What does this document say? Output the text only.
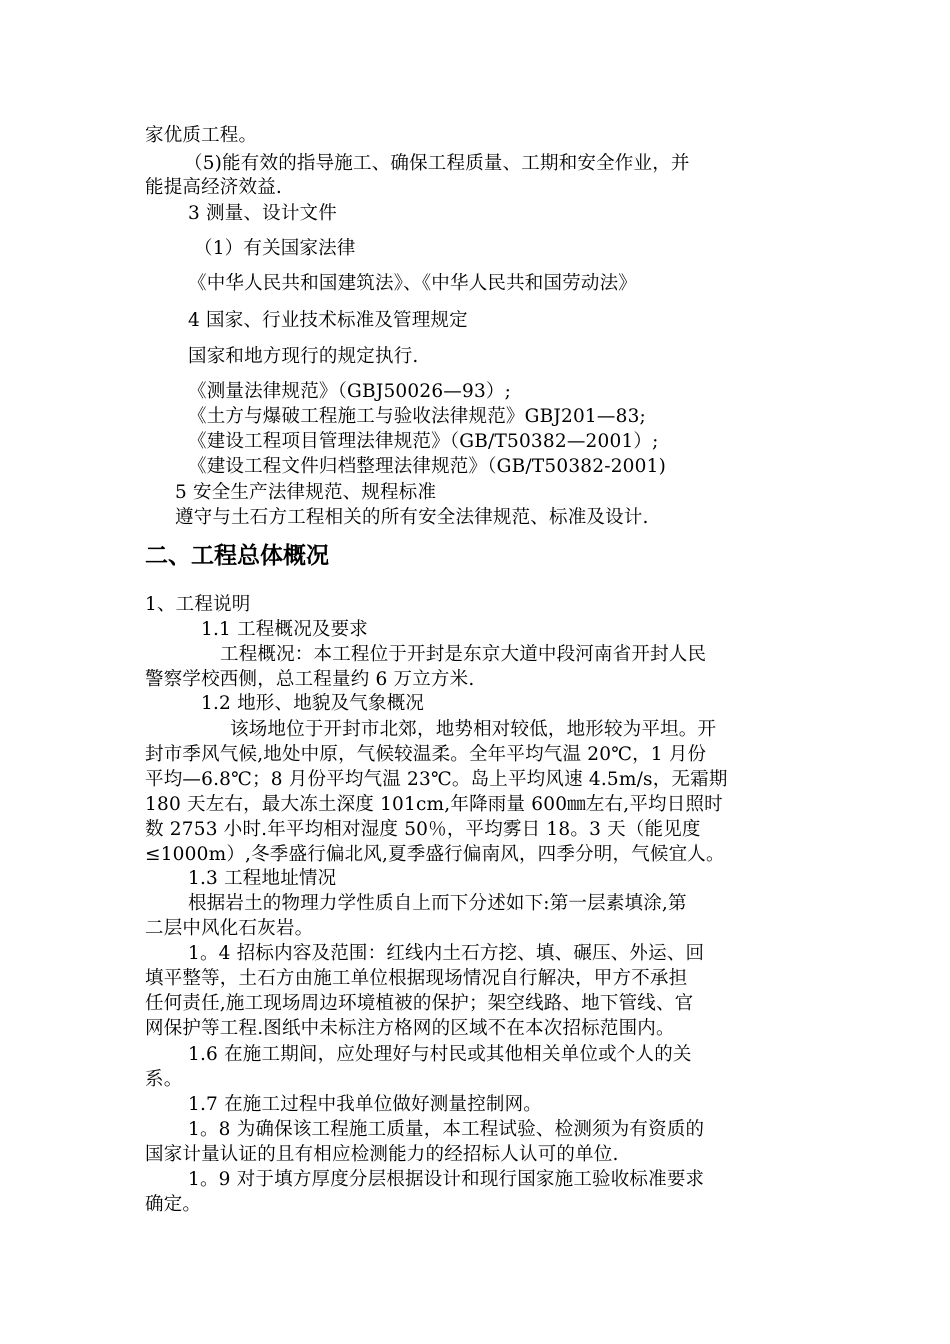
家优质工程。
（5)能有效的指导施工、确保工程质量、工期和安全作业，并
能提高经济效益.
3 测量、设计文件
（1）有关国家法律
《中华人民共和国建筑法》、《中华人民共和国劳动法》
4 国家、行业技术标准及管理规定
国家和地方现行的规定执行.
《测量法律规范》（GBJ50026—93）;
《土方与爆破工程施工与验收法律规范》GBJ201—83;
《建设工程项目管理法律规范》（GB/T50382—2001）;
《建设工程文件归档整理法律规范》（GB/T50382-2001)
5 安全生产法律规范、规程标准
遵守与土石方工程相关的所有安全法律规范、标准及设计.
二、工程总体概况
1、工程说明
1.1 工程概况及要求
工程概况：本工程位于开封是东京大道中段河南省开封人民
警察学校西侧，总工程量约 6 万立方米.
1.2 地形、地貌及气象概况
该场地位于开封市北郊，地势相对较低，地形较为平坦。开
封市季风气候,地处中原，气候较温柔。全年平均气温 20℃，1 月份
平均—6.8℃；8 月份平均气温 23℃。岛上平均风速 4.5m/s，无霜期
180 天左右，最大冻土深度 101cm,年降雨量 600㎜左右,平均日照时
数 2753 小时.年平均相对湿度 50％，平均雾日 18。3 天（能见度
≤1000m）,冬季盛行偏北风,夏季盛行偏南风，四季分明，气候宜人。
1.3 工程地址情况
根据岩土的物理力学性质自上而下分述如下:第一层素填涂,第
二层中风化石灰岩。
1。4 招标内容及范围：红线内土石方挖、填、碾压、外运、回
填平整等，土石方由施工单位根据现场情况自行解决，甲方不承担
任何责任,施工现场周边环境植被的保护；架空线路、地下管线、官
网保护等工程.图纸中未标注方格网的区域不在本次招标范围内。
1.6 在施工期间，应处理好与村民或其他相关单位或个人的关
系。
1.7 在施工过程中我单位做好测量控制网。
1。8 为确保该工程施工质量，本工程试验、检测须为有资质的
国家计量认证的且有相应检测能力的经招标人认可的单位.
1。9 对于填方厚度分层根据设计和现行国家施工验收标准要求
确定。
